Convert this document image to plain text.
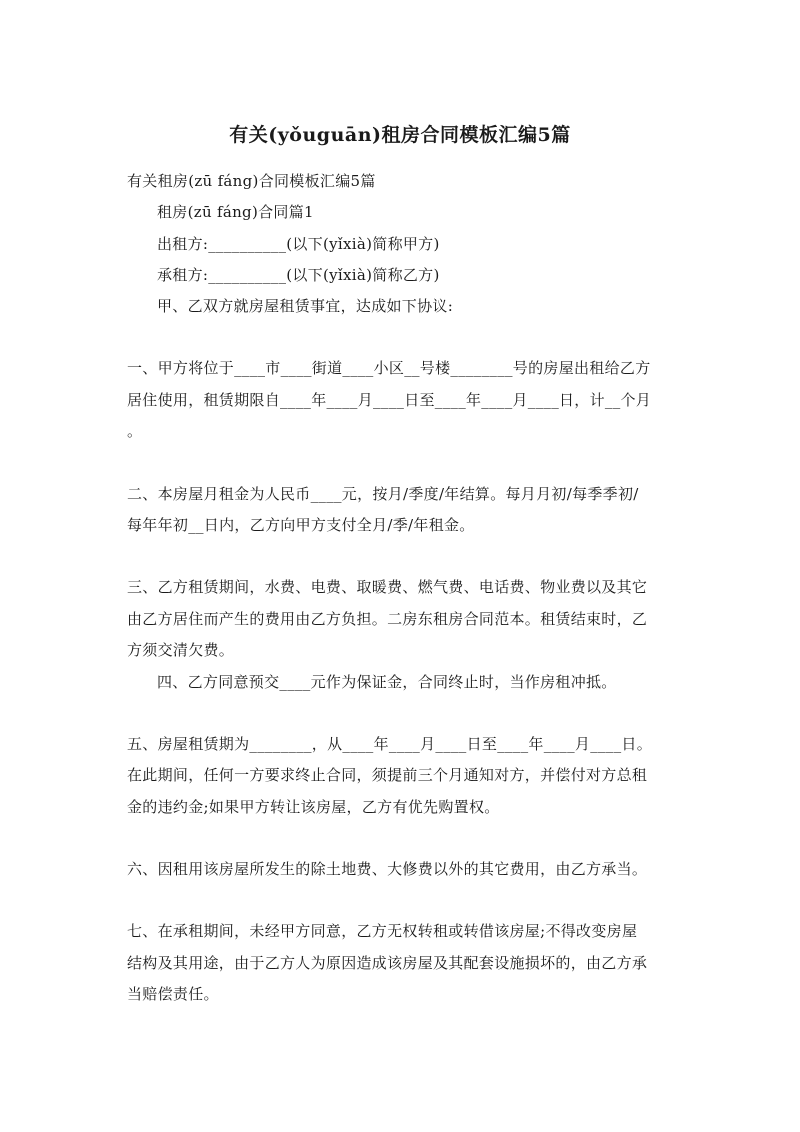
有关(yǒuguān)租房合同模板汇编5篇
有关租房(zū fáng)合同模板汇编5篇
租房(zū fáng)合同篇1
出租方:__________(以下(yǐxià)简称甲方)
承租方:__________(以下(yǐxià)简称乙方)
甲、乙双方就房屋租赁事宜，达成如下协议:
一、甲方将位于____市____街道____小区__号楼________号的房屋出租给乙方
居住使用，租赁期限自____年____月____日至____年____月____日，计__个月
。
二、本房屋月租金为人民币____元，按月/季度/年结算。每月月初/每季季初/
每年年初__日内，乙方向甲方支付全月/季/年租金。
三、乙方租赁期间，水费、电费、取暖费、燃气费、电话费、物业费以及其它
由乙方居住而产生的费用由乙方负担。二房东租房合同范本。租赁结束时，乙
方须交清欠费。
四、乙方同意预交____元作为保证金，合同终止时，当作房租冲抵。
五、房屋租赁期为________，从____年____月____日至____年____月____日。
在此期间，任何一方要求终止合同，须提前三个月通知对方，并偿付对方总租
金的违约金;如果甲方转让该房屋，乙方有优先购置权。
六、因租用该房屋所发生的除土地费、大修费以外的其它费用，由乙方承当。
七、在承租期间，未经甲方同意，乙方无权转租或转借该房屋;不得改变房屋
结构及其用途，由于乙方人为原因造成该房屋及其配套设施损坏的，由乙方承
当赔偿责任。
